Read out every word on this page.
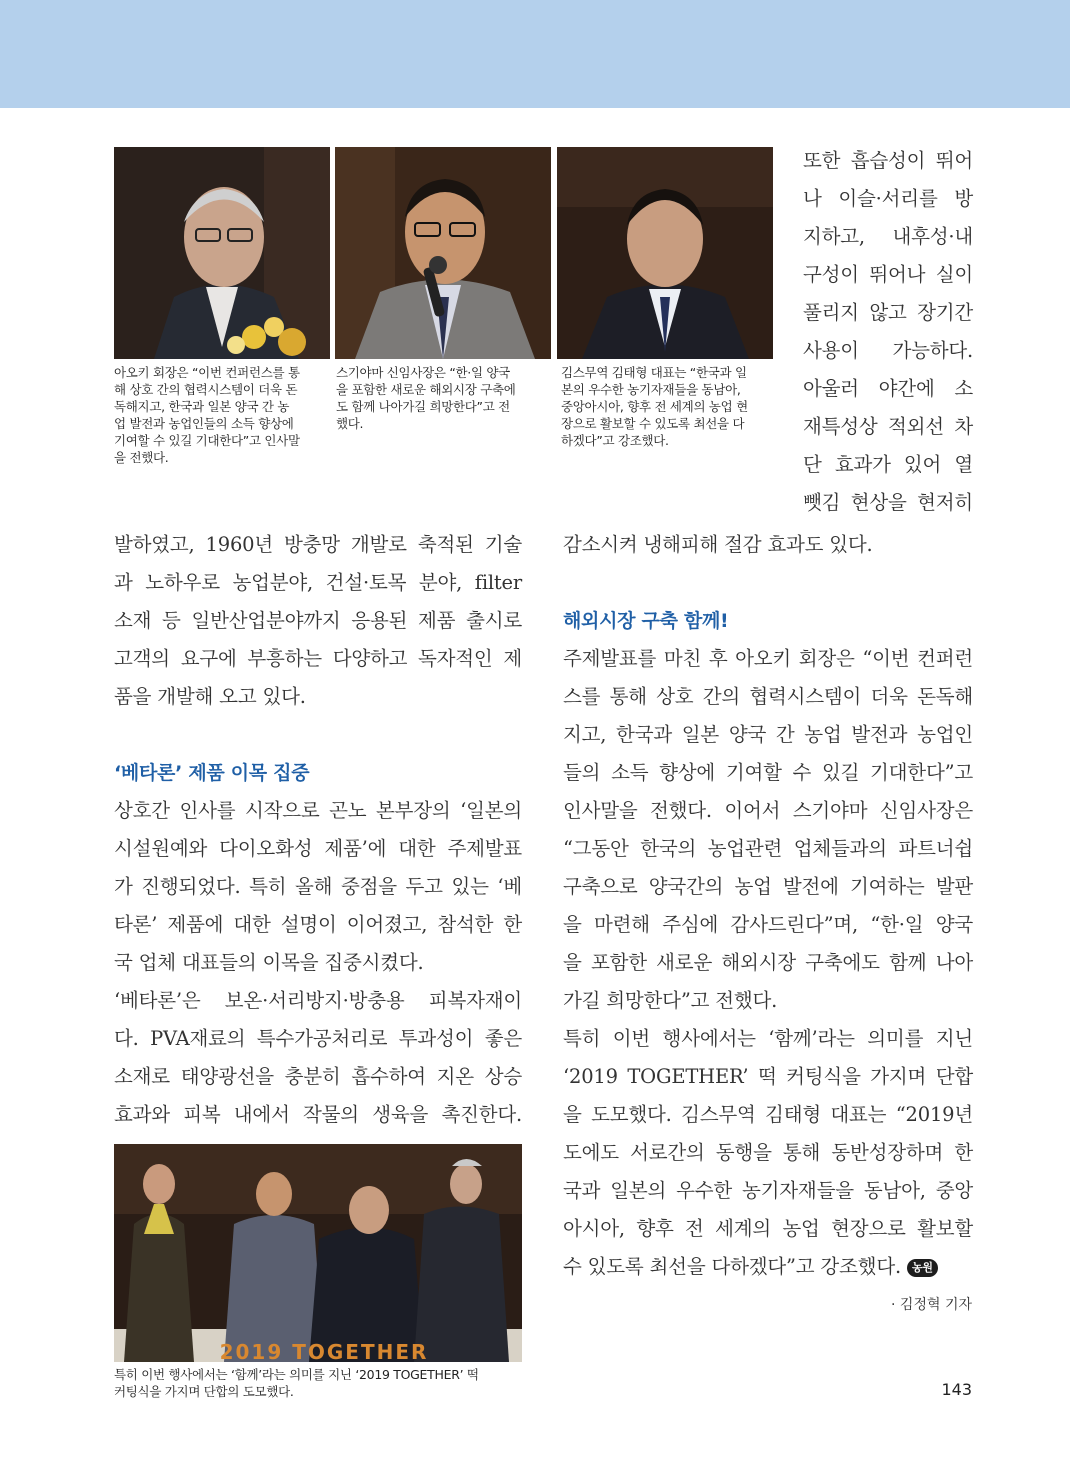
아오키 회장은 “이번 컨퍼런스를 통
해 상호 간의 협력시스템이 더욱 돈
독해지고, 한국과 일본 양국 간 농
업 발전과 농업인들의 소득 향상에
기여할 수 있길 기대한다”고 인사말
을 전했다.
스기야마 신임사장은 “한·일 양국
을 포함한 새로운 해외시장 구축에
도 함께 나아가길 희망한다”고 전
했다.
김스무역 김태형 대표는 “한국과 일
본의 우수한 농기자재들을 동남아,
중앙아시아, 향후 전 세계의 농업 현
장으로 활보할 수 있도록 최선을 다
하겠다”고 강조했다.

또한 흡습성이 뛰어

나 이슬·서리를 방

지하고, 내후성·내

구성이 뛰어나 실이

풀리지 않고 장기간

사용이 가능하다.

아울러 야간에 소

재특성상 적외선 차

단 효과가 있어 열

뺏김 현상을 현저히

발하였고, 1960년 방충망 개발로 축적된 기술

과 노하우로 농업분야, 건설·토목 분야, filter

소재 등 일반산업분야까지 응용된 제품 출시로

고객의 요구에 부흥하는 다양하고 독자적인 제

품을 개발해 오고 있다.

‘베타론’ 제품 이목 집중

상호간 인사를 시작으로 곤노 본부장의 ‘일본의

시설원예와 다이오화성 제품’에 대한 주제발표

가 진행되었다. 특히 올해 중점을 두고 있는 ‘베

타론’ 제품에 대한 설명이 이어졌고, 참석한 한

국 업체 대표들의 이목을 집중시켰다.

‘베타론’은 보온·서리방지·방충용 피복자재이

다. PVA재료의 특수가공처리로 투과성이 좋은

소재로 태양광선을 충분히 흡수하여 지온 상승

효과와 피복 내에서 작물의 생육을 촉진한다.

2019 TOGETHER
특히 이번 행사에서는 ‘함께’라는 의미를 지닌 ‘2019 TOGETHER’ 떡
커팅식을 가지며 단합의 도모했다.

감소시켜 냉해피해 절감 효과도 있다.

해외시장 구축 함께!

주제발표를 마친 후 아오키 회장은 “이번 컨퍼런

스를 통해 상호 간의 협력시스템이 더욱 돈독해

지고, 한국과 일본 양국 간 농업 발전과 농업인

들의 소득 향상에 기여할 수 있길 기대한다”고

인사말을 전했다. 이어서 스기야마 신임사장은

“그동안 한국의 농업관련 업체들과의 파트너쉽

구축으로 양국간의 농업 발전에 기여하는 발판

을 마련해 주심에 감사드린다”며, “한·일 양국

을 포함한 새로운 해외시장 구축에도 함께 나아

가길 희망한다”고 전했다.

특히 이번 행사에서는 ‘함께’라는 의미를 지닌

‘2019 TOGETHER’ 떡 커팅식을 가지며 단합

을 도모했다. 김스무역 김태형 대표는 “2019년

도에도 서로간의 동행을 통해 동반성장하며 한

국과 일본의 우수한 농기자재들을 동남아, 중앙

아시아, 향후 전 세계의 농업 현장으로 활보할

수 있도록 최선을 다하겠다”고 강조했다. 농원

· 김정혁 기자
143
